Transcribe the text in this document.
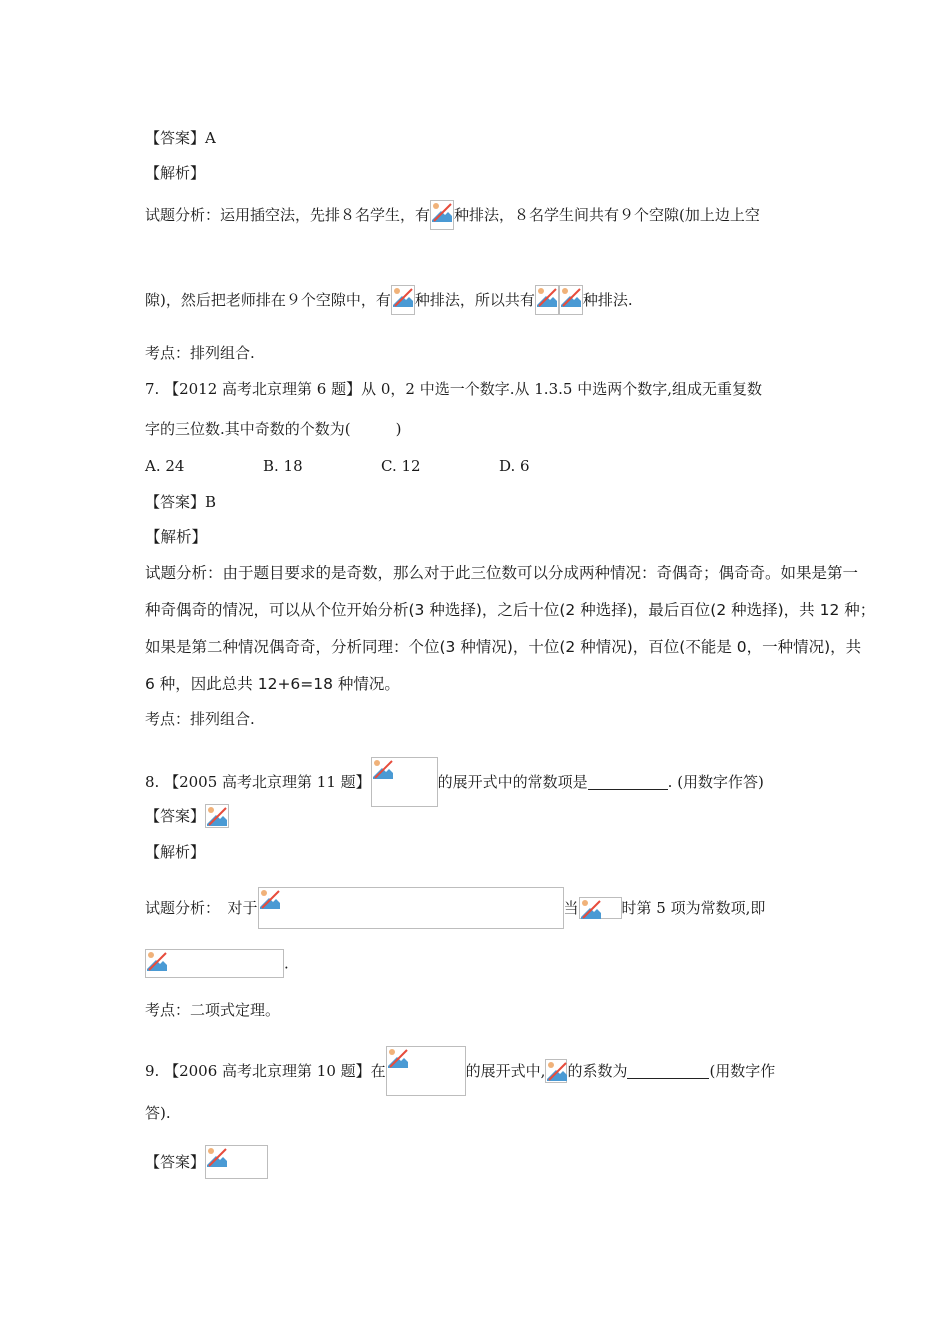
【答案】A
【解析】
试题分析：运用插空法，先排８名学生，有 种排法，８名学生间共有９个空隙(加上边上空
隙)，然后把老师排在９个空隙中，有 种排法，所以共有	种排法.
考点：排列组合.
7. 【2012 高考北京理第 6 题】从 0，2 中选一个数字.从 1.3.5 中选两个数字,组成无重复数
字的三位数.其中奇数的个数为(　　　)
A. 24	B. 18	C. 12	D. 6
【答案】B
【解析】
试题分析：由于题目要求的是奇数，那么对于此三位数可以分成两种情况：奇偶奇；偶奇奇。如果是第一
种奇偶奇的情况，可以从个位开始分析(3 种选择)，之后十位(2 种选择)，最后百位(2 种选择)，共 12 种；
如果是第二种情况偶奇奇，分析同理：个位(3 种情况)，十位(2 种情况)，百位(不能是 0，一种情况)，共
6 种，因此总共 12+6=18 种情况。
考点：排列组合.
8. 【2005 高考北京理第 11 题】	的展开式中的常数项是	. (用数字作答)
【答案】
【解析】
试题分析：　对于	当	时第 5 项为常数项,即
.
考点：二项式定理。
9. 【2006 高考北京理第 10 题】在	的展开式中, 的系数为	(用数字作
答).
【答案】
